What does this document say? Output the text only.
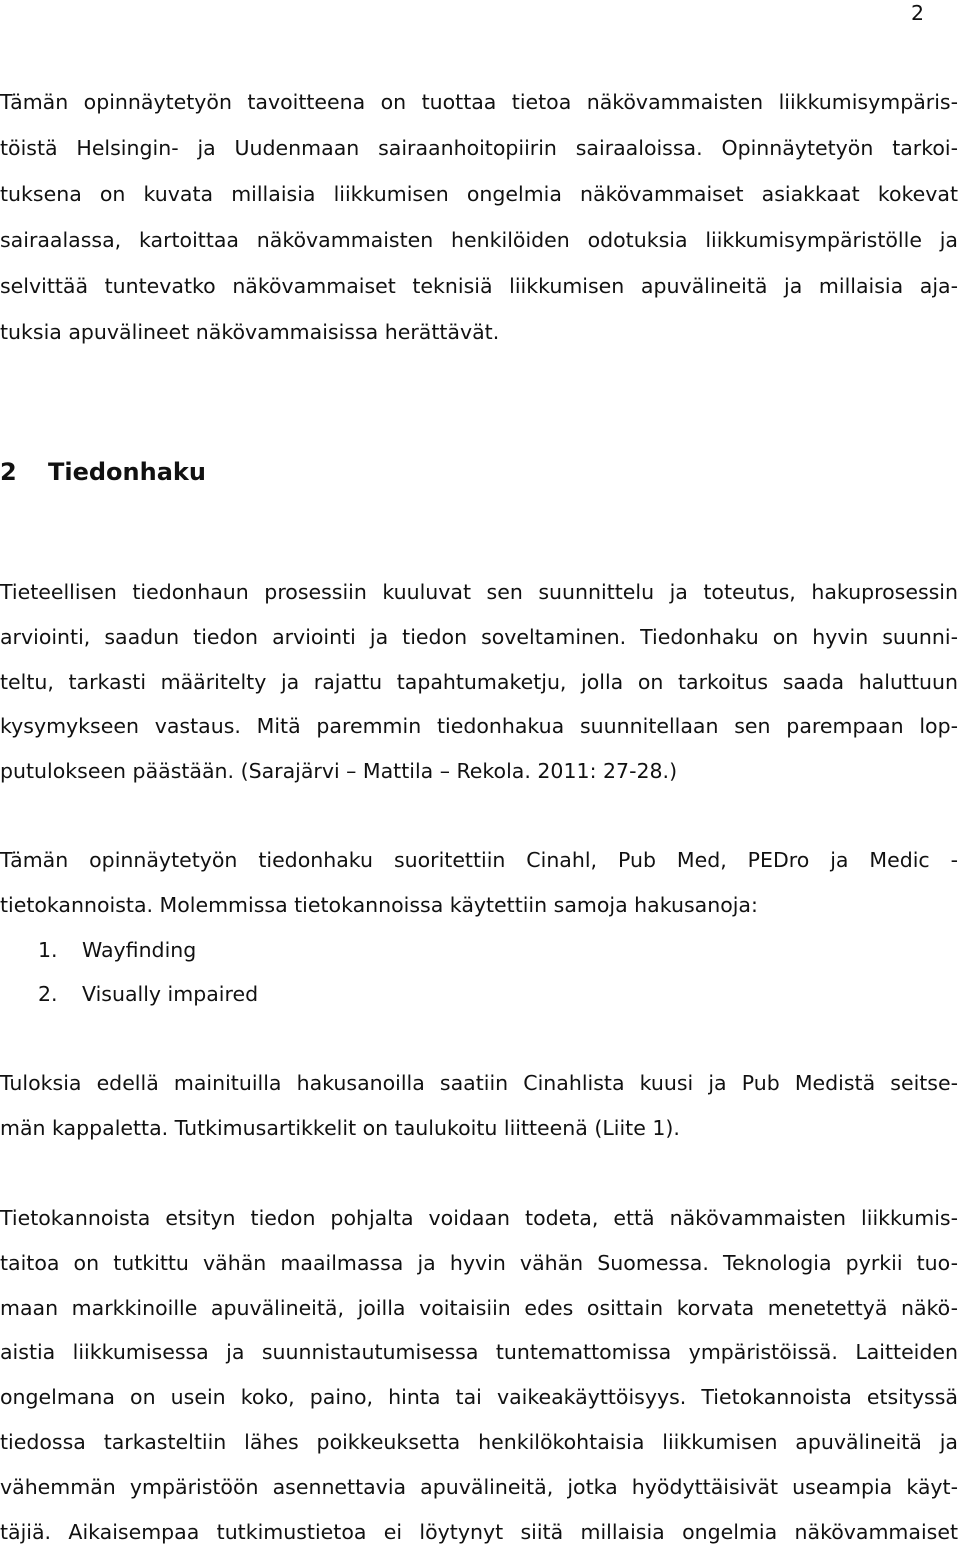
2
Tämän opinnäytetyön tavoitteena on tuottaa tietoa näkövammaisten liikkumisympäris-
töistä Helsingin- ja Uudenmaan sairaanhoitopiirin sairaaloissa. Opinnäytetyön tarkoi-
tuksena on kuvata millaisia liikkumisen ongelmia näkövammaiset asiakkaat kokevat
sairaalassa, kartoittaa näkövammaisten henkilöiden odotuksia liikkumisympäristölle ja
selvittää tuntevatko näkövammaiset teknisiä liikkumisen apuvälineitä ja millaisia aja-
tuksia apuvälineet näkövammaisissa herättävät.
2 Tiedonhaku
Tieteellisen tiedonhaun prosessiin kuuluvat sen suunnittelu ja toteutus, hakuprosessin
arviointi, saadun tiedon arviointi ja tiedon soveltaminen. Tiedonhaku on hyvin suunni-
teltu, tarkasti määritelty ja rajattu tapahtumaketju, jolla on tarkoitus saada haluttuun
kysymykseen vastaus. Mitä paremmin tiedonhakua suunnitellaan sen parempaan lop-
putulokseen päästään. (Sarajärvi – Mattila – Rekola. 2011: 27-28.)
Tämän opinnäytetyön tiedonhaku suoritettiin Cinahl, Pub Med, PEDro ja Medic -
tietokannoista. Molemmissa tietokannoissa käytettiin samoja hakusanoja:
1. Wayfinding
2. Visually impaired
Tuloksia edellä mainituilla hakusanoilla saatiin Cinahlista kuusi ja Pub Medistä seitse-
män kappaletta. Tutkimusartikkelit on taulukoitu liitteenä (Liite 1).
Tietokannoista etsityn tiedon pohjalta voidaan todeta, että näkövammaisten liikkumis-
taitoa on tutkittu vähän maailmassa ja hyvin vähän Suomessa. Teknologia pyrkii tuo-
maan markkinoille apuvälineitä, joilla voitaisiin edes osittain korvata menetettyä näkö-
aistia liikkumisessa ja suunnistautumisessa tuntemattomissa ympäristöissä. Laitteiden
ongelmana on usein koko, paino, hinta tai vaikeakäyttöisyys. Tietokannoista etsityssä
tiedossa tarkasteltiin lähes poikkeuksetta henkilökohtaisia liikkumisen apuvälineitä ja
vähemmän ympäristöön asennettavia apuvälineitä, jotka hyödyttäisivät useampia käyt-
täjiä. Aikaisempaa tutkimustietoa ei löytynyt siitä millaisia ongelmia näkövammaiset
